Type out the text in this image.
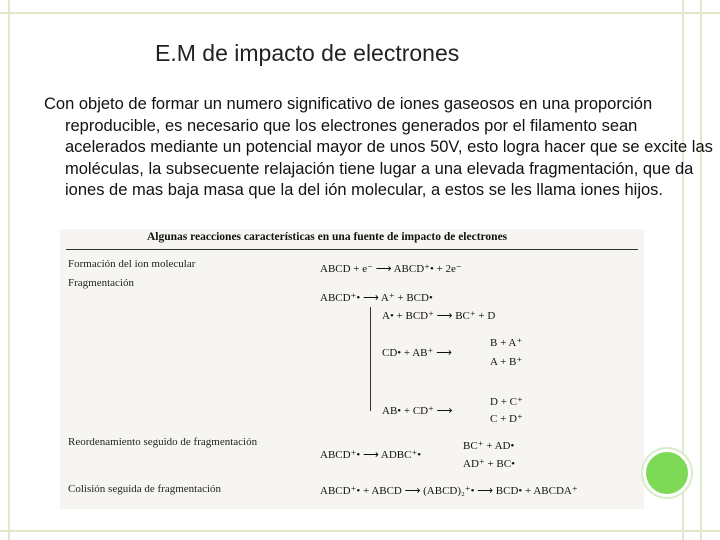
E.M de impacto de electrones

Con objeto de formar un numero significativo de iones gaseosos en una proporción reproducible, es necesario que los electrones generados por el filamento sean acelerados mediante un potencial mayor de unos 50V, esto logra hacer que se excite las moléculas, la subsecuente relajación tiene lugar a una elevada fragmentación, que da iones de mas baja masa que la del ión molecular, a estos se les llama iones hijos.

Algunas reacciones características en una fuente de impacto de electrones
Formación del ion molecular
Fragmentación
Reordenamiento seguido de fragmentación
Colisión seguida de fragmentación
ABCD + e⁻ ⟶ ABCD⁺• + 2e⁻
ABCD⁺• ⟶ A⁺ + BCD•
A• + BCD⁺ ⟶ BC⁺ + D
CD• + AB⁺ ⟶
B + A⁺
A + B⁺
AB• + CD⁺ ⟶
D + C⁺
C + D⁺
ABCD⁺• ⟶ ADBC⁺•
BC⁺ + AD•
AD⁺ + BC•
ABCD⁺• + ABCD ⟶ (ABCD)₂⁺• ⟶ BCD• + ABCDA⁺
